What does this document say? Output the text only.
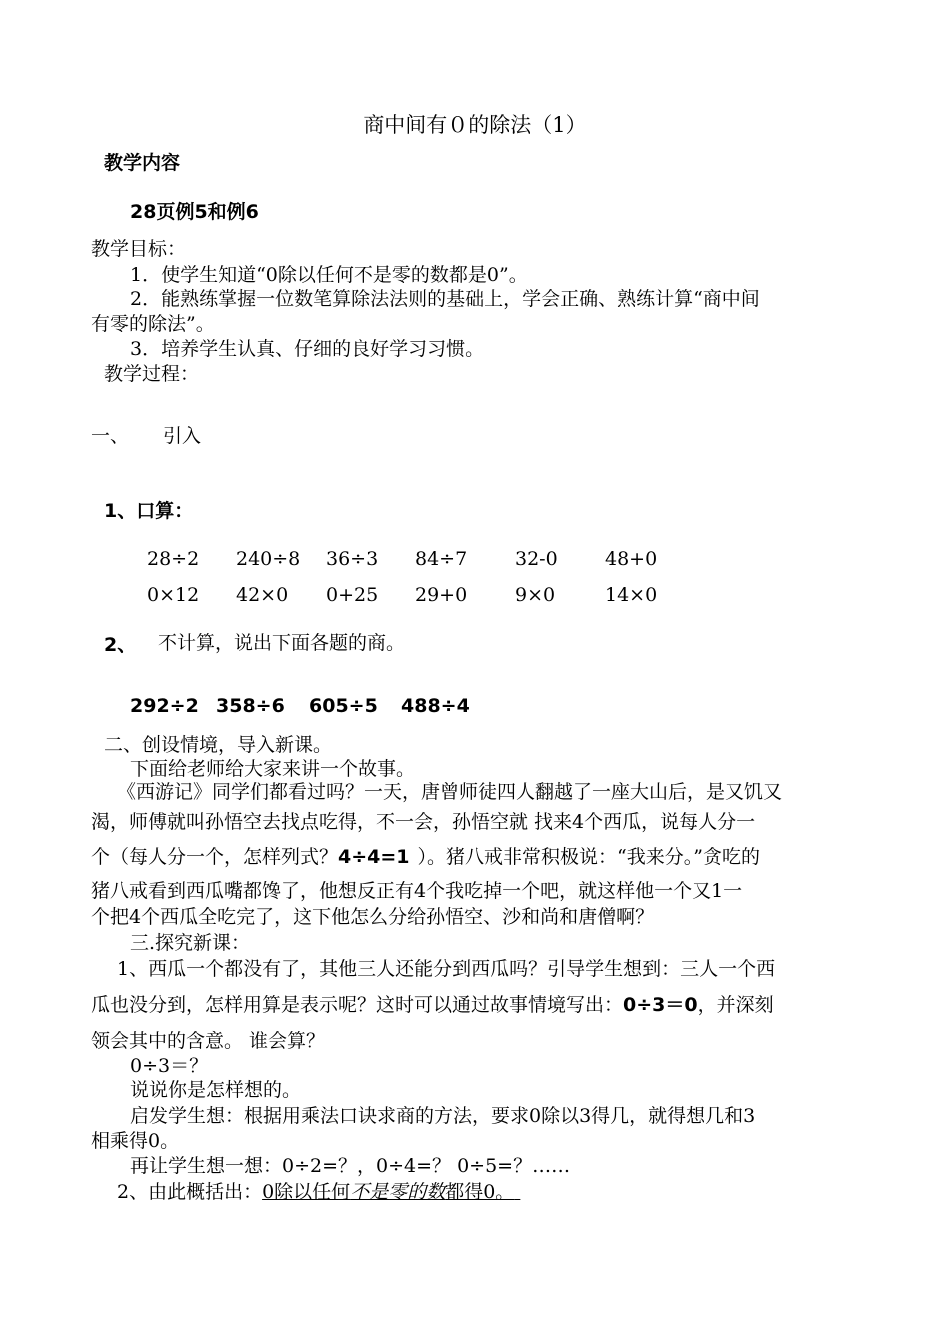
商中间有０的除法（1）
教学内容
28页例5和例6
教学目标：
1．使学生知道“0除以任何不是零的数都是0”。
2．能熟练掌握一位数笔算除法法则的基础上，学会正确、熟练计算“商中间
有零的除法”。
3．培养学生认真、仔细的良好学习习惯。
教学过程：
一、 引入
1、口算：
28÷2 240÷8 36÷3 84÷7	32-0 48+0
0×12 42×0 0+25 29+0	9×0	14×0
2、 不计算，说出下面各题的商。
292÷2 358÷6 605÷5 488÷4
二、创设情境，导入新课。
下面给老师给大家来讲一个故事。
《西游记》同学们都看过吗？一天，唐曾师徒四人翻越了一座大山后，是又饥又
渴，师傅就叫孙悟空去找点吃得，不一会，孙悟空就 找来4个西瓜，说每人分一
个（每人分一个，怎样列式？4÷4=1 ）。猪八戒非常积极说：“我来分。”贪吃的
猪八戒看到西瓜嘴都馋了，他想反正有4个我吃掉一个吧，就这样他一个又1一
个把4个西瓜全吃完了，这下他怎么分给孙悟空、沙和尚和唐僧啊？
三.探究新课：
1、西瓜一个都没有了，其他三人还能分到西瓜吗？引导学生想到：三人一个西
瓜也没分到，怎样用算是表示呢？这时可以通过故事情境写出：0÷3＝0，并深刻
领会其中的含意。 谁会算？
0÷3＝？
说说你是怎样想的。
启发学生想：根据用乘法口诀求商的方法，要求0除以3得几，就得想几和3
相乘得0。
再让学生想一想：0÷2=？，0÷4=？ 0÷5=？……
2、由此概括出：0除以任何不是零的数都得0。
